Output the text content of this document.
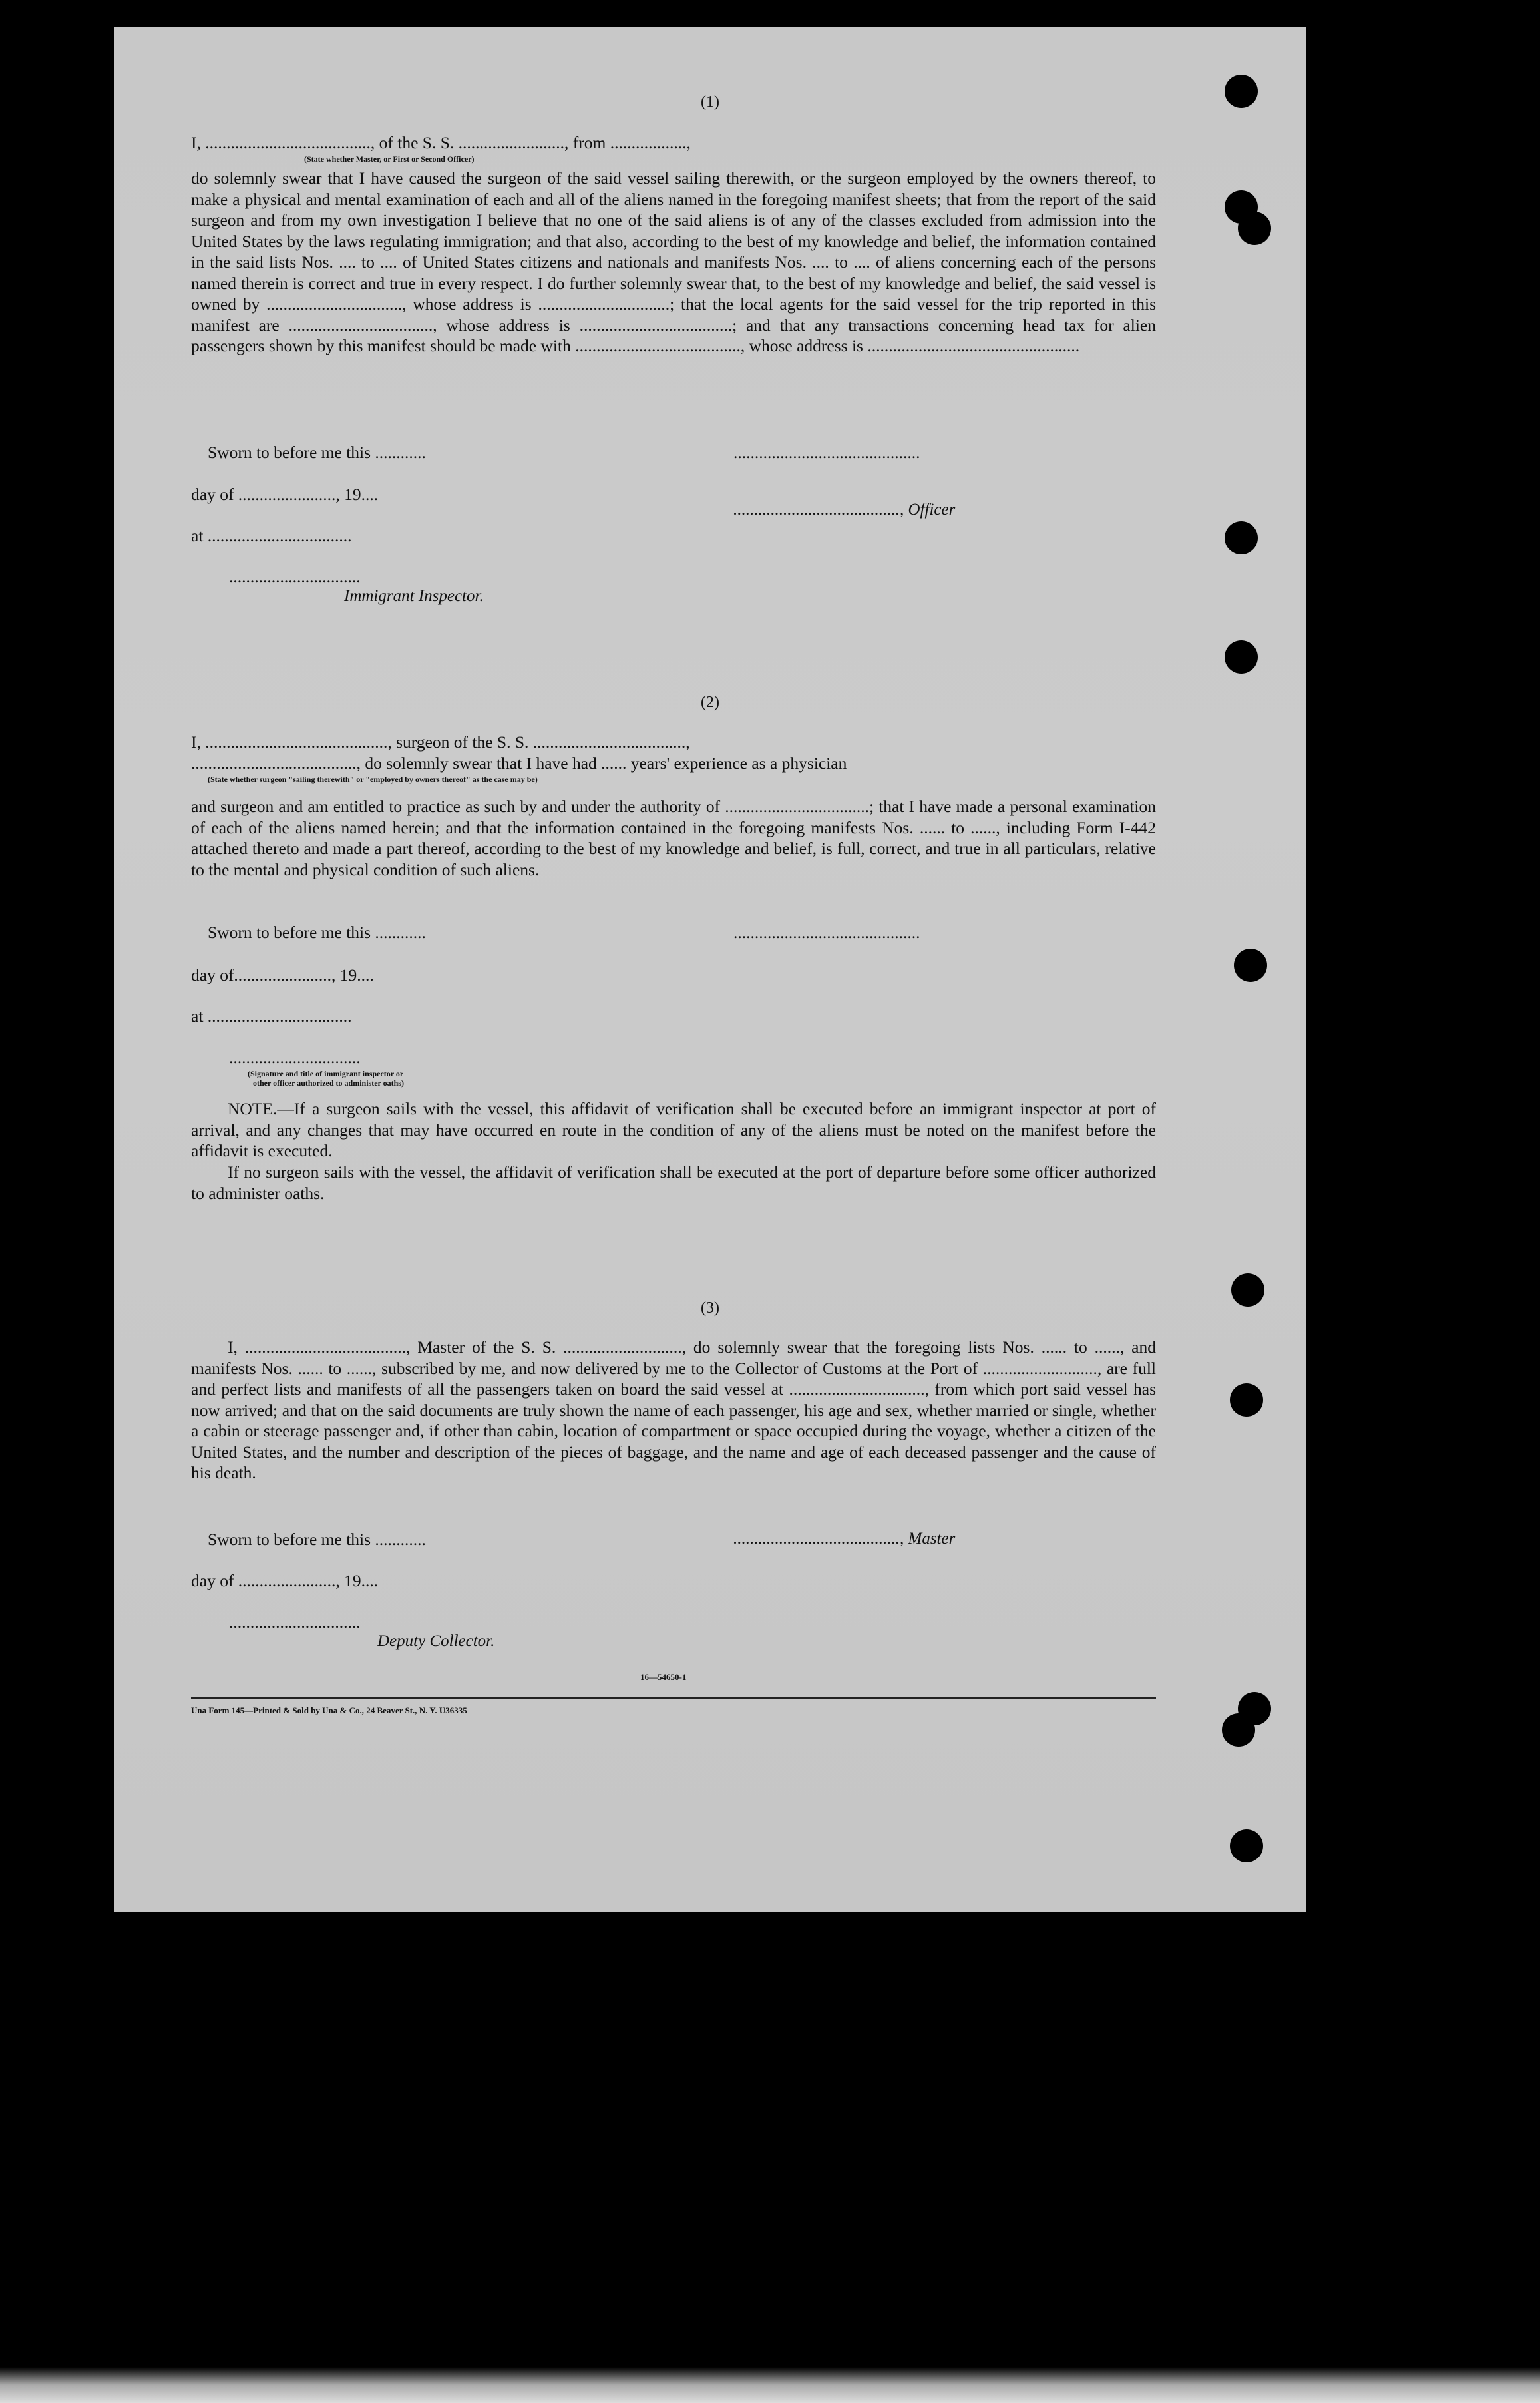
(1)
I, ......................................., of the S. S. ........................., from ..................,
(State whether Master, or First or Second Officer)
do solemnly swear that I have caused the surgeon of the said vessel sailing therewith, or the surgeon employed by the owners thereof, to make a physical and mental examination of each and all of the aliens named in the foregoing manifest sheets; that from the report of the said surgeon and from my own investigation I believe that no one of the said aliens is of any of the classes excluded from admission into the United States by the laws regulating immigration; and that also, according to the best of my knowledge and belief, the information contained in the said lists Nos. .... to .... of United States citizens and nationals and manifests Nos. .... to .... of aliens concerning each of the persons named therein is correct and true in every respect. I do further solemnly swear that, to the best of my knowledge and belief, the said vessel is owned by ................................, whose address is ...............................; that the local agents for the said vessel for the trip reported in this manifest are .................................., whose address is ....................................; and that any transactions concerning head tax for alien passengers shown by this manifest should be made with ......................................., whose address is ..................................................
Sworn to before me this ............	............................................
day of ......................., 19....
........................................, Officer
at ..................................
...............................
Immigrant Inspector.
(2)
I, ..........................................., surgeon of the S. S. ....................................,
......................................., do solemnly swear that I have had ...... years' experience as a physician
(State whether surgeon "sailing therewith" or "employed by owners thereof" as the case may be)
and surgeon and am entitled to practice as such by and under the authority of ..................................; that I have made a personal examination of each of the aliens named herein; and that the information contained in the foregoing manifests Nos. ...... to ......, including Form I-442 attached thereto and made a part thereof, according to the best of my knowledge and belief, is full, correct, and true in all particulars, relative to the mental and physical condition of such aliens.
Sworn to before me this ............	............................................
day of......................., 19....
at ..................................
...............................
(Signature and title of immigrant inspector or
other officer authorized to administer oaths)
NOTE.—If a surgeon sails with the vessel, this affidavit of verification shall be executed before an immigrant inspector at port of arrival, and any changes that may have occurred en route in the condition of any of the aliens must be noted on the manifest before the affidavit is executed.
If no surgeon sails with the vessel, the affidavit of verification shall be executed at the port of departure before some officer authorized to administer oaths.
(3)
I, ......................................, Master of the S. S. ............................, do solemnly swear that the foregoing lists Nos. ...... to ......, and manifests Nos. ...... to ......, subscribed by me, and now delivered by me to the Collector of Customs at the Port of ..........................., are full and perfect lists and manifests of all the passengers taken on board the said vessel at ................................, from which port said vessel has now arrived; and that on the said documents are truly shown the name of each passenger, his age and sex, whether married or single, whether a cabin or steerage passenger and, if other than cabin, location of compartment or space occupied during the voyage, whether a citizen of the United States, and the number and description of the pieces of baggage, and the name and age of each deceased passenger and the cause of his death.
Sworn to before me this ............	........................................, Master
day of ......................., 19....
...............................
Deputy Collector.
16—54650-1
Una Form 145—Printed & Sold by Una & Co., 24 Beaver St., N. Y. U36335
